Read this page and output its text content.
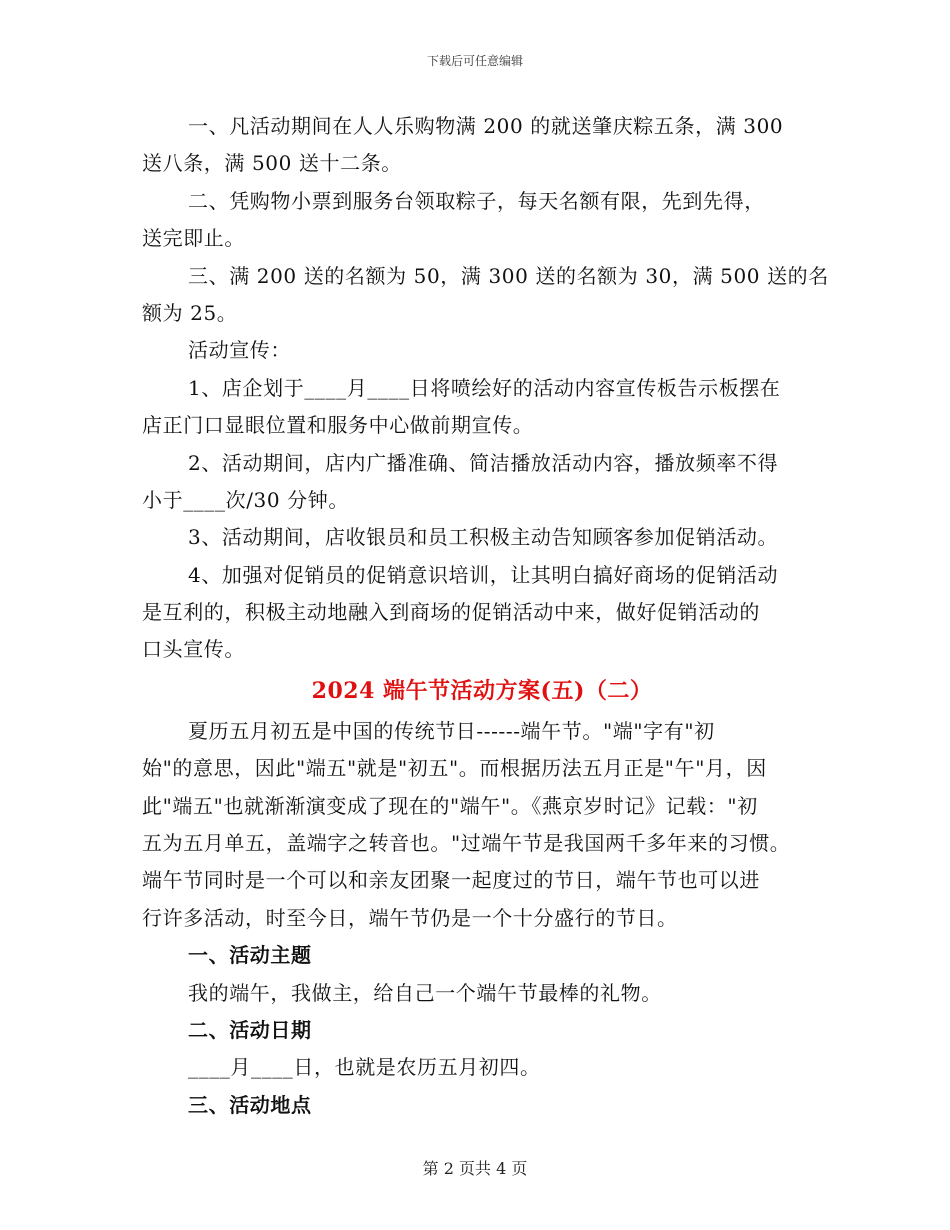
下载后可任意编辑
一、凡活动期间在人人乐购物满 200 的就送肇庆粽五条，满 300
送八条，满 500 送十二条。
二、凭购物小票到服务台领取粽子，每天名额有限，先到先得，
送完即止。
三、满 200 送的名额为 50，满 300 送的名额为 30，满 500 送的名
额为 25。
活动宣传：
1、店企划于____月____日将喷绘好的活动内容宣传板告示板摆在
店正门口显眼位置和服务中心做前期宣传。
2、活动期间，店内广播准确、简洁播放活动内容，播放频率不得
小于____次/30 分钟。
3、活动期间，店收银员和员工积极主动告知顾客参加促销活动。
4、加强对促销员的促销意识培训，让其明白搞好商场的促销活动
是互利的，积极主动地融入到商场的促销活动中来，做好促销活动的
口头宣传。
2024 端午节活动方案(五)（二）
夏历五月初五是中国的传统节日------端午节。"端"字有"初
始"的意思，因此"端五"就是"初五"。而根据历法五月正是"午"月，因
此"端五"也就渐渐演变成了现在的"端午"。《燕京岁时记》记载："初
五为五月单五，盖端字之转音也。"过端午节是我国两千多年来的习惯。
端午节同时是一个可以和亲友团聚一起度过的节日，端午节也可以进
行许多活动，时至今日，端午节仍是一个十分盛行的节日。
一、活动主题
我的端午，我做主，给自己一个端午节最棒的礼物。
二、活动日期
____月____日，也就是农历五月初四。
三、活动地点
第 2 页共 4 页
